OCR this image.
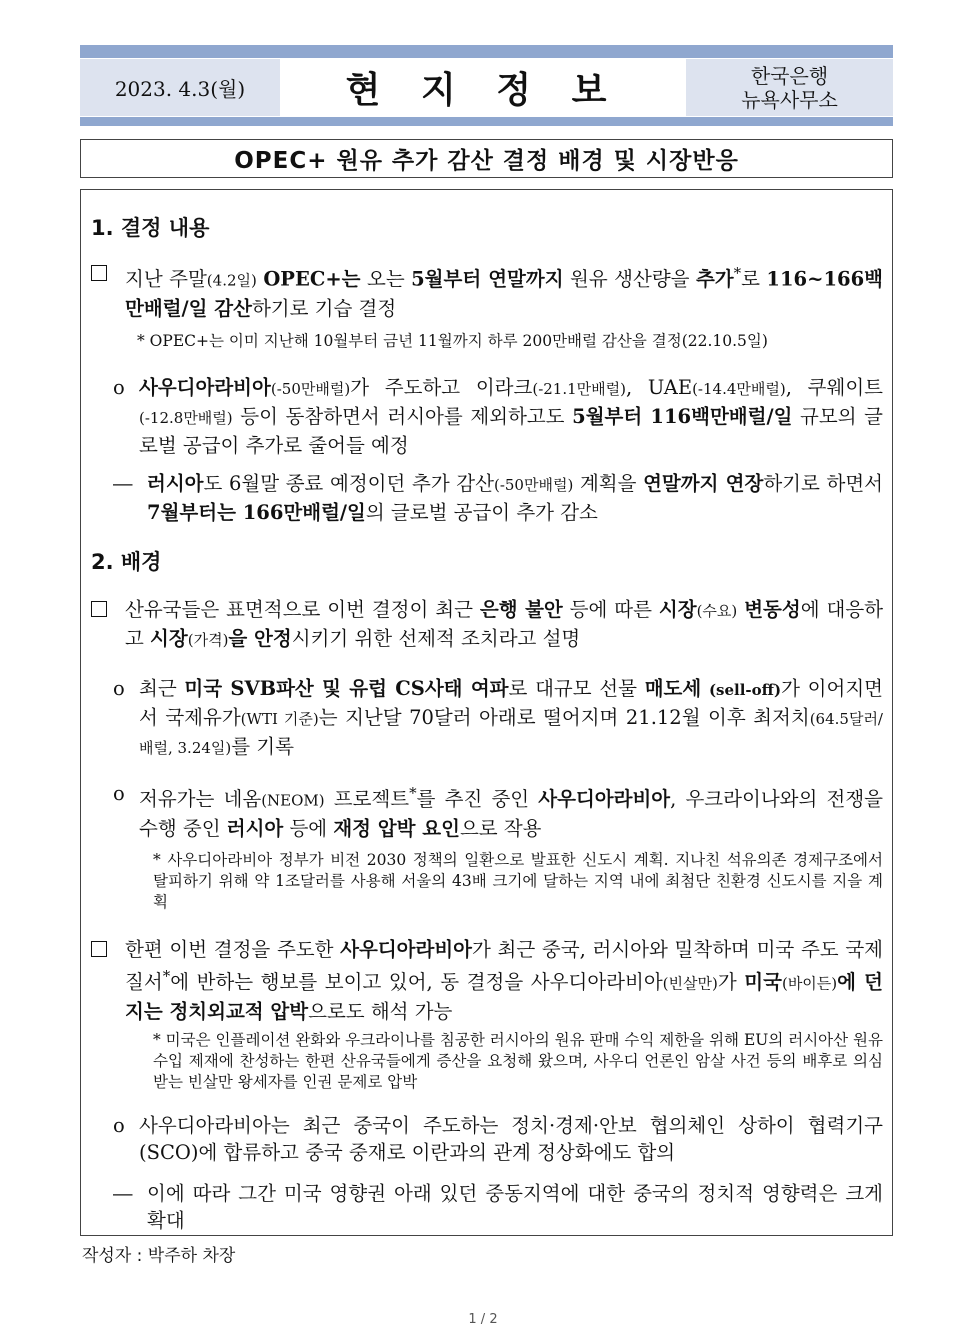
2023. 4.3(월)	현 지 정 보	한국은행
뉴욕사무소
OPEC+ 원유 추가 감산 결정 배경 및 시장반응
1. 결정 내용
지난 주말(4.2일) OPEC+는 오는 5월부터 연말까지 원유 생산량을 추가*로 116~166백만배럴/일 감산하기로 기습 결정
* OPEC+는 이미 지난해 10월부터 금년 11월까지 하루 200만배럴 감산을 결정(22.10.5일)
o 사우디아라비아(-50만배럴)가 주도하고 이라크(-21.1만배럴), UAE(-14.4만배럴), 쿠웨이트(-12.8만배럴) 등이 동참하면서 러시아를 제외하고도 5월부터 116백만배럴/일 규모의 글로벌 공급이 추가로 줄어들 예정
― 러시아도 6월말 종료 예정이던 추가 감산(-50만배럴) 계획을 연말까지 연장하기로 하면서 7월부터는 166만배럴/일의 글로벌 공급이 추가 감소
2. 배경
산유국들은 표면적으로 이번 결정이 최근 은행 불안 등에 따른 시장(수요) 변동성에 대응하고 시장(가격)을 안정시키기 위한 선제적 조치라고 설명
o 최근 미국 SVB파산 및 유럽 CS사태 여파로 대규모 선물 매도세 (sell-off)가 이어지면서 국제유가(WTI 기준)는 지난달 70달러 아래로 떨어지며 21.12월 이후 최저치(64.5달러/배럴, 3.24일)를 기록
o 저유가는 네옴(NEOM) 프로젝트*를 추진 중인 사우디아라비아, 우크라이나와의 전쟁을 수행 중인 러시아 등에 재정 압박 요인으로 작용
* 사우디아라비아 정부가 비전 2030 정책의 일환으로 발표한 신도시 계획. 지나친 석유의존 경제구조에서 탈피하기 위해 약 1조달러를 사용해 서울의 43배 크기에 달하는 지역 내에 최첨단 친환경 신도시를 지을 계획
한편 이번 결정을 주도한 사우디아라비아가 최근 중국, 러시아와 밀착하며 미국 주도 국제질서*에 반하는 행보를 보이고 있어, 동 결정을 사우디아라비아(빈살만)가 미국(바이든)에 던지는 정치외교적 압박으로도 해석 가능
* 미국은 인플레이션 완화와 우크라이나를 침공한 러시아의 원유 판매 수익 제한을 위해 EU의 러시아산 원유 수입 제재에 찬성하는 한편 산유국들에게 증산을 요청해 왔으며, 사우디 언론인 암살 사건 등의 배후로 의심받는 빈살만 왕세자를 인권 문제로 압박
o 사우디아라비아는 최근 중국이 주도하는 정치·경제·안보 협의체인 상하이 협력기구(SCO)에 합류하고 중국 중재로 이란과의 관계 정상화에도 합의
― 이에 따라 그간 미국 영향권 아래 있던 중동지역에 대한 중국의 정치적 영향력은 크게 확대
작성자 : 박주하 차장
1 / 2
